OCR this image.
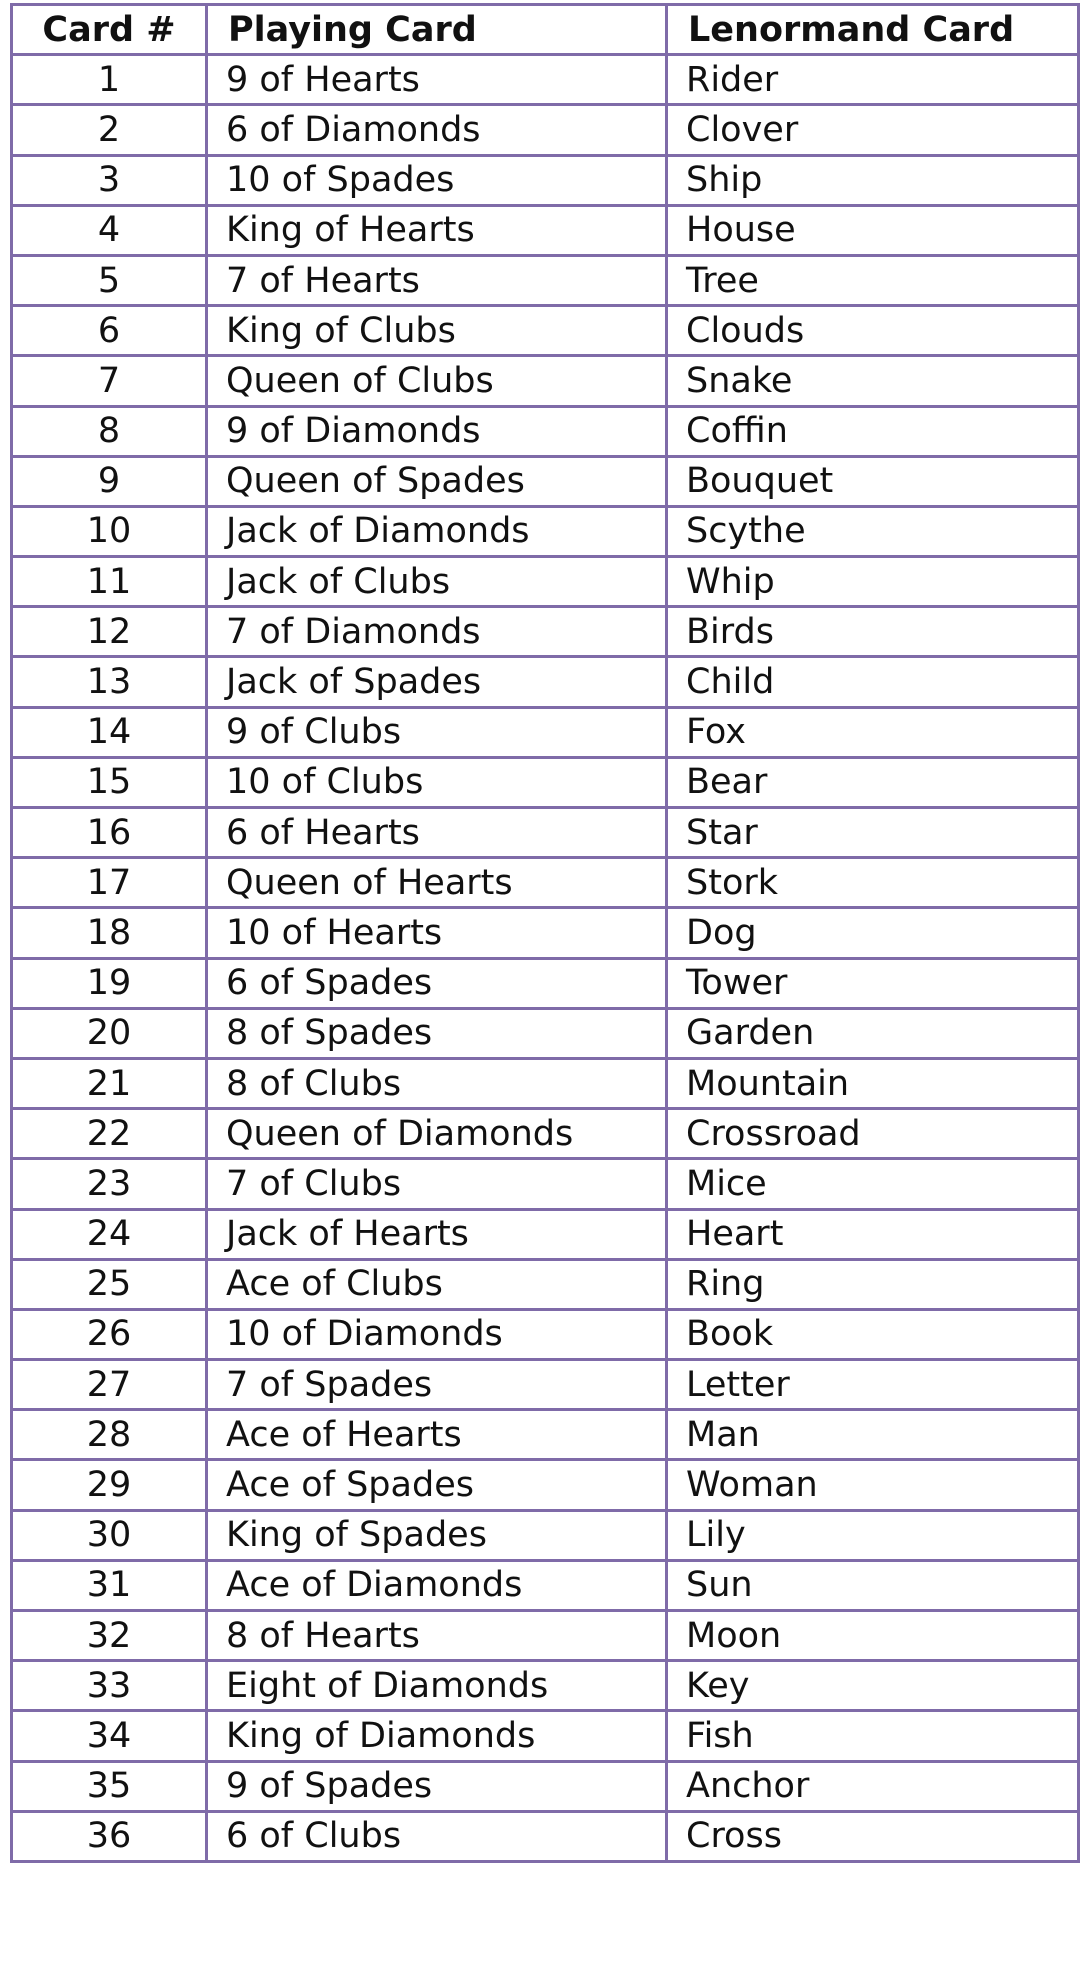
Card #	Playing Card	Lenormand Card
1	9 of Hearts	Rider
2	6 of Diamonds	Clover
3	10 of Spades	Ship
4	King of Hearts	House
5	7 of Hearts	Tree
6	King of Clubs	Clouds
7	Queen of Clubs	Snake
8	9 of Diamonds	Coffin
9	Queen of Spades	Bouquet
10	Jack of Diamonds	Scythe
11	Jack of Clubs	Whip
12	7 of Diamonds	Birds
13	Jack of Spades	Child
14	9 of Clubs	Fox
15	10 of Clubs	Bear
16	6 of Hearts	Star
17	Queen of Hearts	Stork
18	10 of Hearts	Dog
19	6 of Spades	Tower
20	8 of Spades	Garden
21	8 of Clubs	Mountain
22	Queen of Diamonds	Crossroad
23	7 of Clubs	Mice
24	Jack of Hearts	Heart
25	Ace of Clubs	Ring
26	10 of Diamonds	Book
27	7 of Spades	Letter
28	Ace of Hearts	Man
29	Ace of Spades	Woman
30	King of Spades	Lily
31	Ace of Diamonds	Sun
32	8 of Hearts	Moon
33	Eight of Diamonds	Key
34	King of Diamonds	Fish
35	9 of Spades	Anchor
36	6 of Clubs	Cross
